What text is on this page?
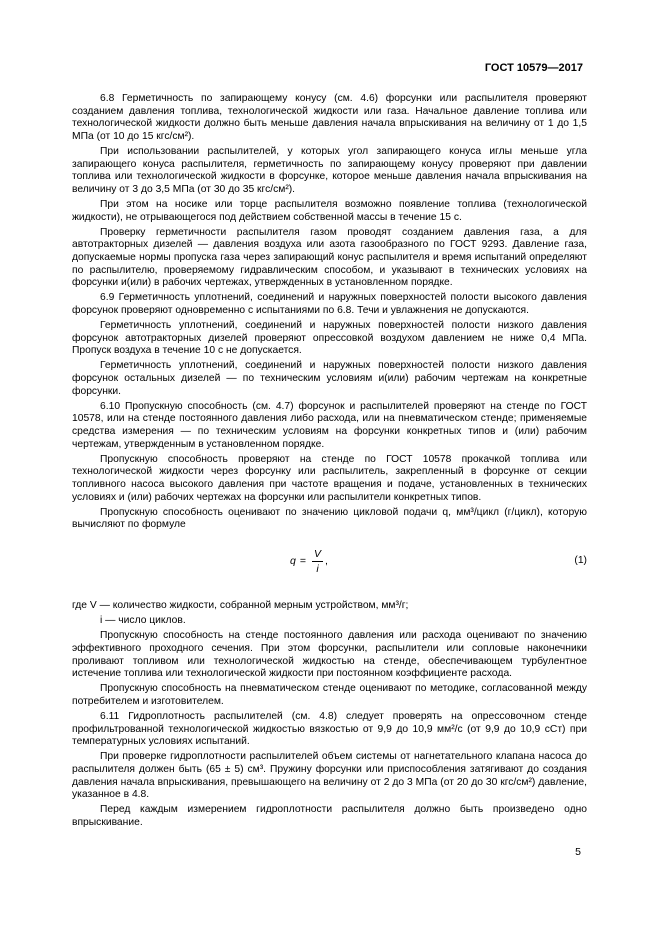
ГОСТ 10579—2017

6.8 Герметичность по запирающему конусу (см. 4.6) форсунки или распылителя проверяют созданием давления топлива, технологической жидкости или газа. Начальное давление топлива или технологической жидкости должно быть меньше давления начала впрыскивания на величину от 1 до 1,5 МПа (от 10 до 15 кгс/см²).

При использовании распылителей, у которых угол запирающего конуса иглы меньше угла запирающего конуса распылителя, герметичность по запирающему конусу проверяют при давлении топлива или технологической жидкости в форсунке, которое меньше давления начала впрыскивания на величину от 3 до 3,5 МПа (от 30 до 35 кгс/см²).

При этом на носике или торце распылителя возможно появление топлива (технологической жидкости), не отрывающегося под действием собственной массы в течение 15 с.

Проверку герметичности распылителя газом проводят созданием давления газа, а для автотракторных дизелей — давления воздуха или азота газообразного по ГОСТ 9293. Давление газа, допускаемые нормы пропуска газа через запирающий конус распылителя и время испытаний определяют по распылителю, проверяемому гидравлическим способом, и указывают в технических условиях на форсунки и(или) в рабочих чертежах, утвержденных в установленном порядке.

6.9 Герметичность уплотнений, соединений и наружных поверхностей полости высокого давления форсунок проверяют одновременно с испытаниями по 6.8. Течи и увлажнения не допускаются.

Герметичность уплотнений, соединений и наружных поверхностей полости низкого давления форсунок автотракторных дизелей проверяют опрессовкой воздухом давлением не ниже 0,4 МПа. Пропуск воздуха в течение 10 с не допускается.

Герметичность уплотнений, соединений и наружных поверхностей полости низкого давления форсунок остальных дизелей — по техническим условиям и(или) рабочим чертежам на конкретные форсунки.

6.10 Пропускную способность (см. 4.7) форсунок и распылителей проверяют на стенде по ГОСТ 10578, или на стенде постоянного давления либо расхода, или на пневматическом стенде; применяемые средства измерения — по техническим условиям на форсунки конкретных типов и (или) рабочим чертежам, утвержденным в установленном порядке.

Пропускную способность проверяют на стенде по ГОСТ 10578 прокачкой топлива или технологической жидкости через форсунку или распылитель, закрепленный в форсунке от секции топливного насоса высокого давления при частоте вращения и подаче, установленных в технических условиях и (или) рабочих чертежах на форсунки или распылители конкретных типов.

Пропускную способность оценивают по значению цикловой подачи q, мм³/цикл (г/цикл), которую вычисляют по формуле

$q = \frac{V}{i}$ ,	(1)

где V — количество жидкости, собранной мерным устройством, мм³/г;

i — число циклов.

Пропускную способность на стенде постоянного давления или расхода оценивают по значению эффективного проходного сечения. При этом форсунки, распылители или сопловые наконечники проливают топливом или технологической жидкостью на стенде, обеспечивающем турбулентное истечение топлива или технологической жидкости при постоянном коэффициенте расхода.

Пропускную способность на пневматическом стенде оценивают по методике, согласованной между потребителем и изготовителем.

6.11 Гидроплотность распылителей (см. 4.8) следует проверять на опрессовочном стенде профильтрованной технологической жидкостью вязкостью от 9,9 до 10,9 мм²/с (от 9,9 до 10,9 сСт) при температурных условиях испытаний.

При проверке гидроплотности распылителей объем системы от нагнетательного клапана насоса до распылителя должен быть (65 ± 5) см³. Пружину форсунки или приспособления затягивают до создания давления начала впрыскивания, превышающего на величину от 2 до 3 МПа (от 20 до 30 кгс/см²) давление, указанное в 4.8.

Перед каждым измерением гидроплотности распылителя должно быть произведено одно впрыскивание.

5
